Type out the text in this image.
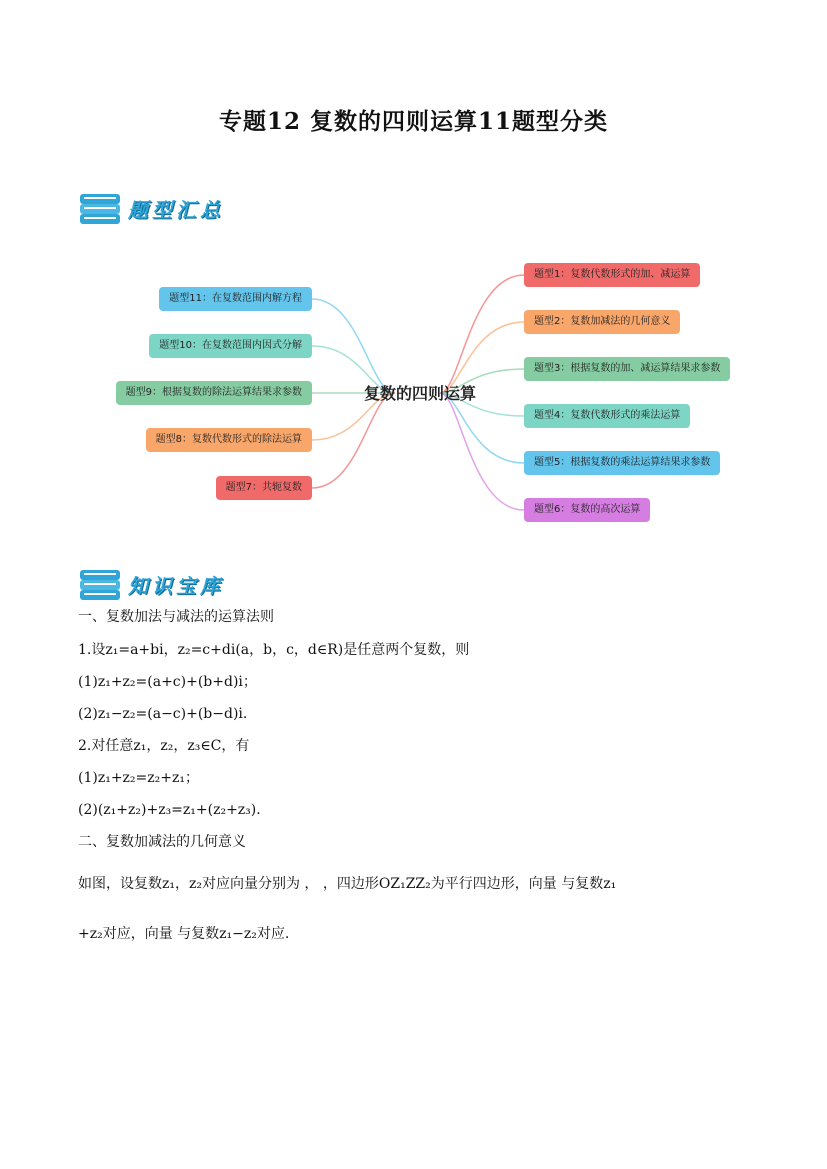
专题12 复数的四则运算11题型分类
题型汇总
复数的四则运算
题型1：复数代数形式的加、减运算
题型2：复数加减法的几何意义
题型3：根据复数的加、减运算结果求参数
题型4：复数代数形式的乘法运算
题型5：根据复数的乘法运算结果求参数
题型6：复数的高次运算
题型11：在复数范围内解方程
题型10：在复数范围内因式分解
题型9：根据复数的除法运算结果求参数
题型8：复数代数形式的除法运算
题型7：共轭复数
知识宝库
一、复数加法与减法的运算法则
1.设z₁=a+bi，z₂=c+di(a，b，c，d∈R)是任意两个复数，则
(1)z₁+z₂=(a+c)+(b+d)i；
(2)z₁−z₂=(a−c)+(b−d)i.
2.对任意z₁，z₂，z₃∈C，有
(1)z₁+z₂=z₂+z₁；
(2)(z₁+z₂)+z₃=z₁+(z₂+z₃).
二、复数加减法的几何意义
如图，设复数z₁，z₂对应向量分别为 ， ，四边形OZ₁ZZ₂为平行四边形，向量 与复数z₁
+z₂对应，向量 与复数z₁−z₂对应.
